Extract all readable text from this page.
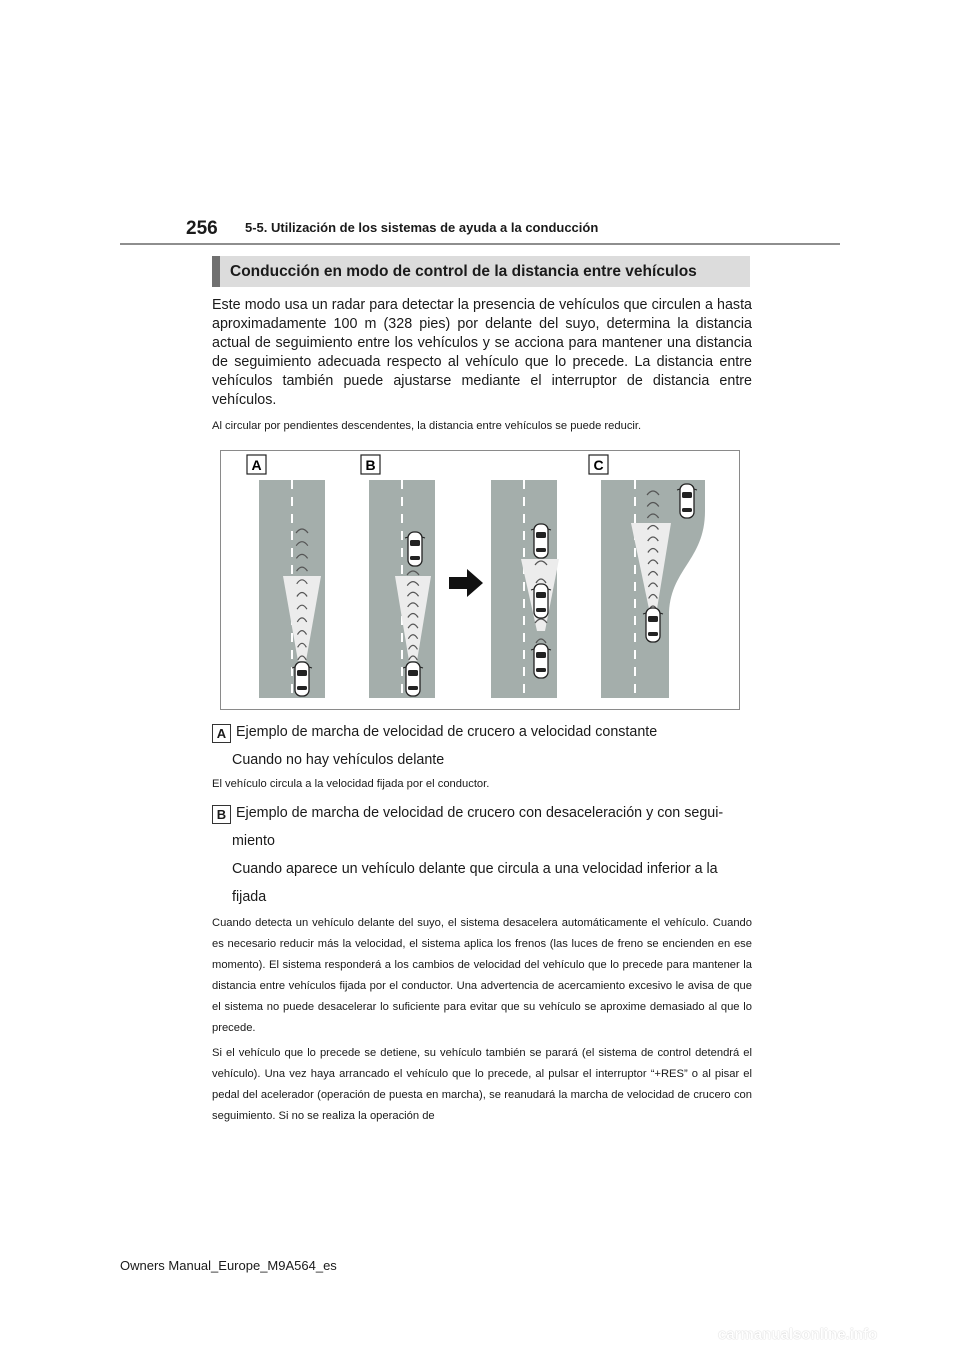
256 5-5. Utilización de los sistemas de ayuda a la conducción
Conducción en modo de control de la distancia entre vehículos

Este modo usa un radar para detectar la presencia de vehículos que circulen a hasta aproximadamente 100 m (328 pies) por delante del suyo, determina la distancia actual de seguimiento entre los vehículos y se acciona para mantener una distancia de seguimiento adecuada respecto al vehículo que lo precede. La distancia entre vehículos también puede ajustarse mediante el interruptor de distancia entre vehículos.

Al circular por pendientes descendentes, la distancia entre vehículos se puede reducir.

A	B	C

A Ejemplo de marcha de velocidad de crucero a velocidad constante

Cuando no hay vehículos delante

El vehículo circula a la velocidad fijada por el conductor.

B Ejemplo de marcha de velocidad de crucero con desaceleración y con segui-

miento

Cuando aparece un vehículo delante que circula a una velocidad inferior a la

fijada

Cuando detecta un vehículo delante del suyo, el sistema desacelera automáticamente el vehículo. Cuando es necesario reducir más la velocidad, el sistema aplica los frenos (las luces de freno se encienden en ese momento). El sistema responderá a los cambios de velocidad del vehículo que lo precede para mantener la distancia entre vehículos fijada por el conductor. Una advertencia de acercamiento excesivo le avisa de que el sistema no puede desacelerar lo suficiente para evitar que su vehículo se aproxime demasiado al que lo precede.

Si el vehículo que lo precede se detiene, su vehículo también se parará (el sistema de control detendrá el vehículo). Una vez haya arrancado el vehículo que lo precede, al pulsar el interruptor “+RES” o al pisar el pedal del acelerador (operación de puesta en marcha), se reanudará la marcha de velocidad de crucero con seguimiento. Si no se realiza la operación de

Owners Manual_Europe_M9A564_es
carmanualsonline.info
